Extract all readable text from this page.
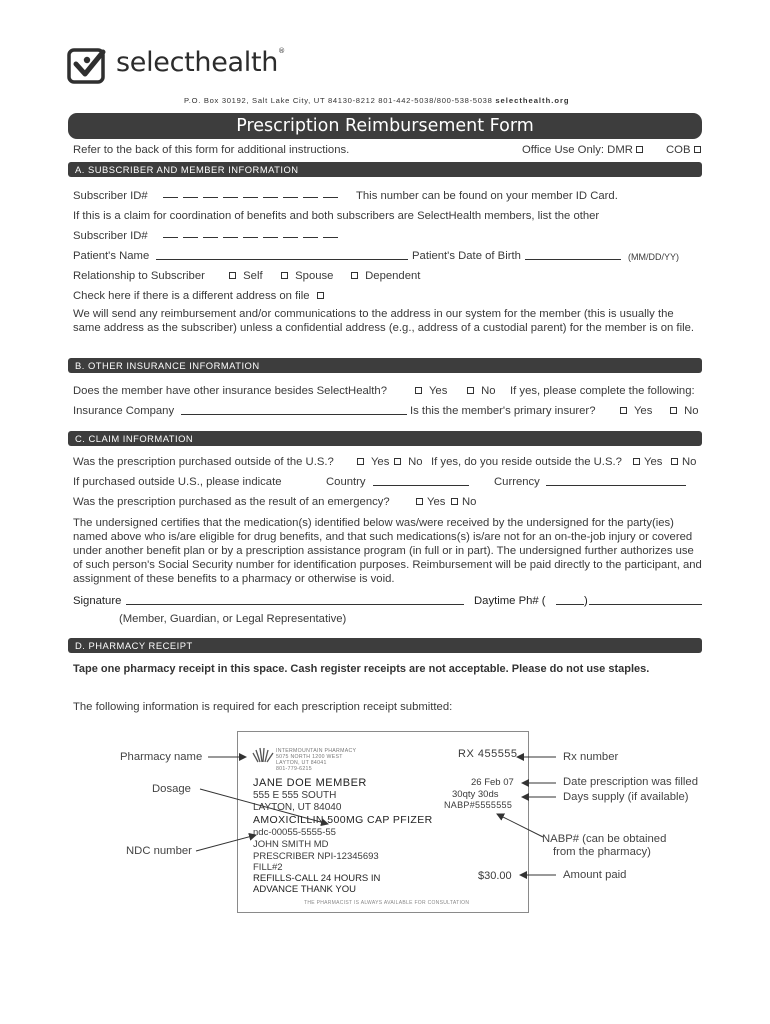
selecthealth®
P.O. Box 30192, Salt Lake City, UT 84130-8212 801-442-5038/800-538-5038 selecthealth.org
Prescription Reimbursement Form
Refer to the back of this form for additional instructions.	Office Use Only: DMR	COB
A. SUBSCRIBER AND MEMBER INFORMATION
Subscriber ID#	This number can be found on your member ID Card.
If this is a claim for coordination of benefits and both subscribers are SelectHealth members, list the other
Subscriber ID#
Patient's Name	Patient's Date of Birth	(MM/DD/YY)
Relationship to Subscriber	Self	Spouse	Dependent
Check here if there is a different address on file
We will send any reimbursement and/or communications to the address in our system for the member (this is usually the same address as the subscriber) unless a confidential address (e.g., address of a custodial parent) for the member is on file.
B. OTHER INSURANCE INFORMATION
Does the member have other insurance besides SelectHealth?	Yes	No If yes, please complete the following:
Insurance Company	Is this the member's primary insurer?	Yes	No
C. CLAIM INFORMATION
Was the prescription purchased outside of the U.S.?	Yes	No If yes, do you reside outside the U.S.?	Yes	No
If purchased outside U.S., please indicate	Country	Currency
Was the prescription purchased as the result of an emergency?	Yes	No
The undersigned certifies that the medication(s) identified below was/were received by the undersigned for the party(ies) named above who is/are eligible for drug benefits, and that such medications(s) is/are not for an on-the-job injury or covered under another benefit plan or by a prescription assistance program (in full or in part). The undersigned further authorizes use of such person's Social Security number for identification purposes. Reimbursement will be paid directly to the participant, and assignment of these benefits to a pharmacy or otherwise is void.
Signature	Daytime Ph# (	)
(Member, Guardian, or Legal Representative)
D. PHARMACY RECEIPT
Tape one pharmacy receipt in this space. Cash register receipts are not acceptable. Please do not use staples.
The following information is required for each prescription receipt submitted:
INTERMOUNTAIN PHARMACY
5075 NORTH 1200 WEST
LAYTON, UT 84041
801-779-6215
RX 455555
JANE DOE MEMBER
555 E 555 SOUTH
LAYTON, UT 84040
26 Feb 07
30qty 30ds
NABP#5555555
AMOXICILLIN 500MG CAP PFIZER
ndc-00055-5555-55
JOHN SMITH MD
PRESCRIBER NPI-12345693
FILL#2
REFILLS-CALL 24 HOURS IN
ADVANCE THANK YOU
$30.00
THE PHARMACIST IS ALWAYS AVAILABLE FOR CONSULTATION
Pharmacy name
Dosage
NDC number
Rx number
Date prescription was filled
Days supply (if available)
NABP# (can be obtained
from the pharmacy)
Amount paid
